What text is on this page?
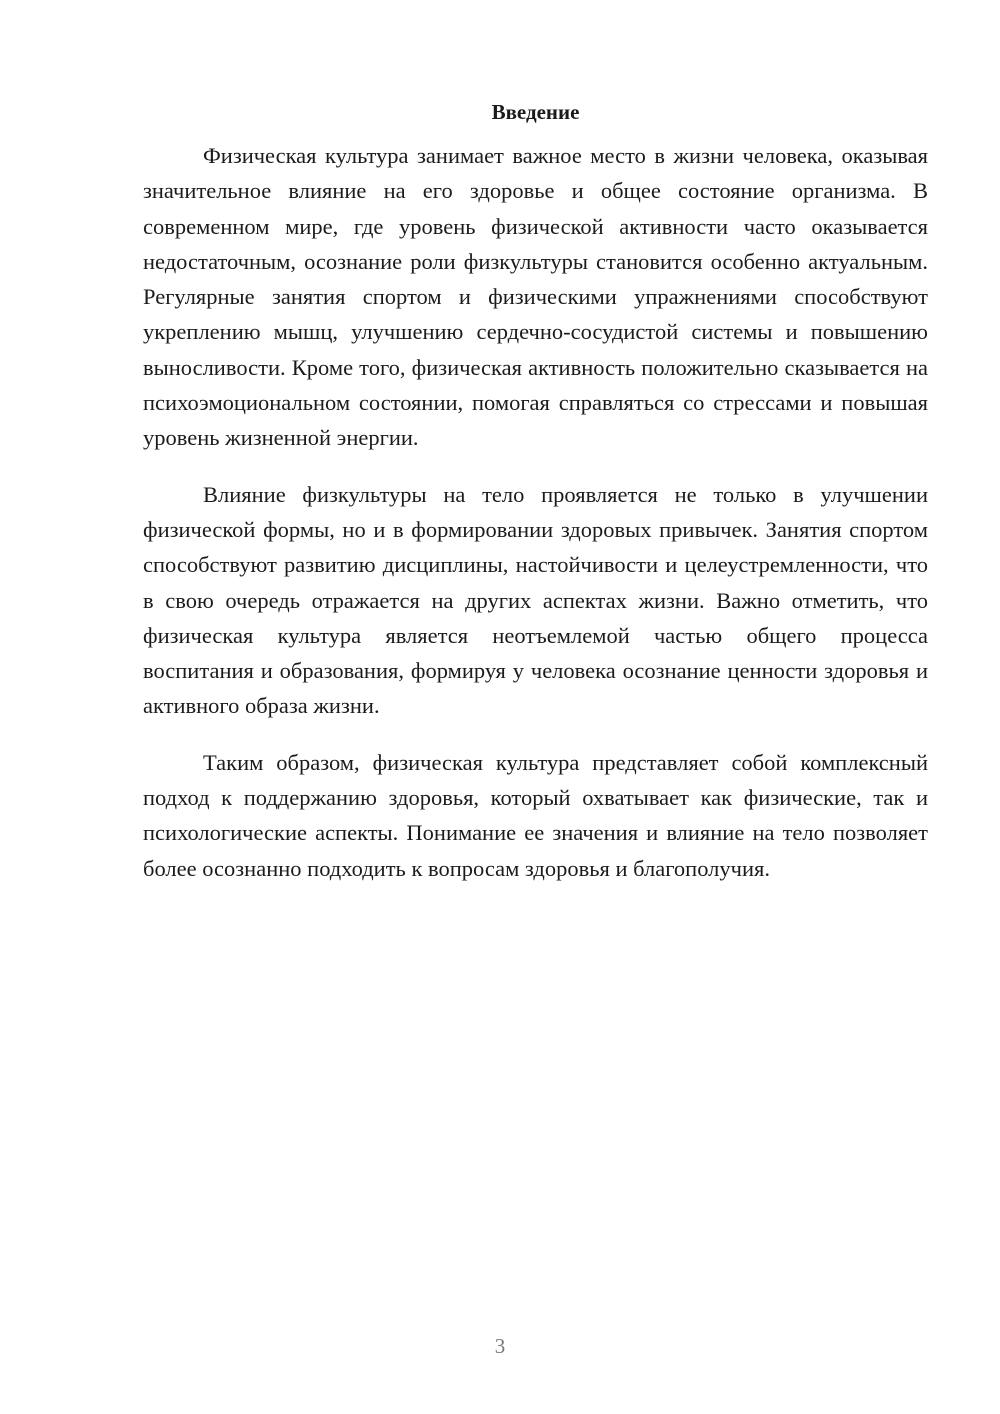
Введение

Физическая культура занимает важное место в жизни человека, оказывая значительное влияние на его здоровье и общее состояние организма. В современном мире, где уровень физической активности часто оказывается недостаточным, осознание роли физкультуры становится особенно актуальным. Регулярные занятия спортом и физическими упражнениями способствуют укреплению мышц, улучшению сердечно-сосудистой системы и повышению выносливости. Кроме того, физическая активность положительно сказывается на психоэмоциональном состоянии, помогая справляться со стрессами и повышая уровень жизненной энергии.

Влияние физкультуры на тело проявляется не только в улучшении физической формы, но и в формировании здоровых привычек. Занятия спортом способствуют развитию дисциплины, настойчивости и целеустремленности, что в свою очередь отражается на других аспектах жизни. Важно отметить, что физическая культура является неотъемлемой частью общего процесса воспитания и образования, формируя у человека осознание ценности здоровья и активного образа жизни.

Таким образом, физическая культура представляет собой комплексный подход к поддержанию здоровья, который охватывает как физические, так и психологические аспекты. Понимание ее значения и влияние на тело позволяет более осознанно подходить к вопросам здоровья и благополучия.

3
